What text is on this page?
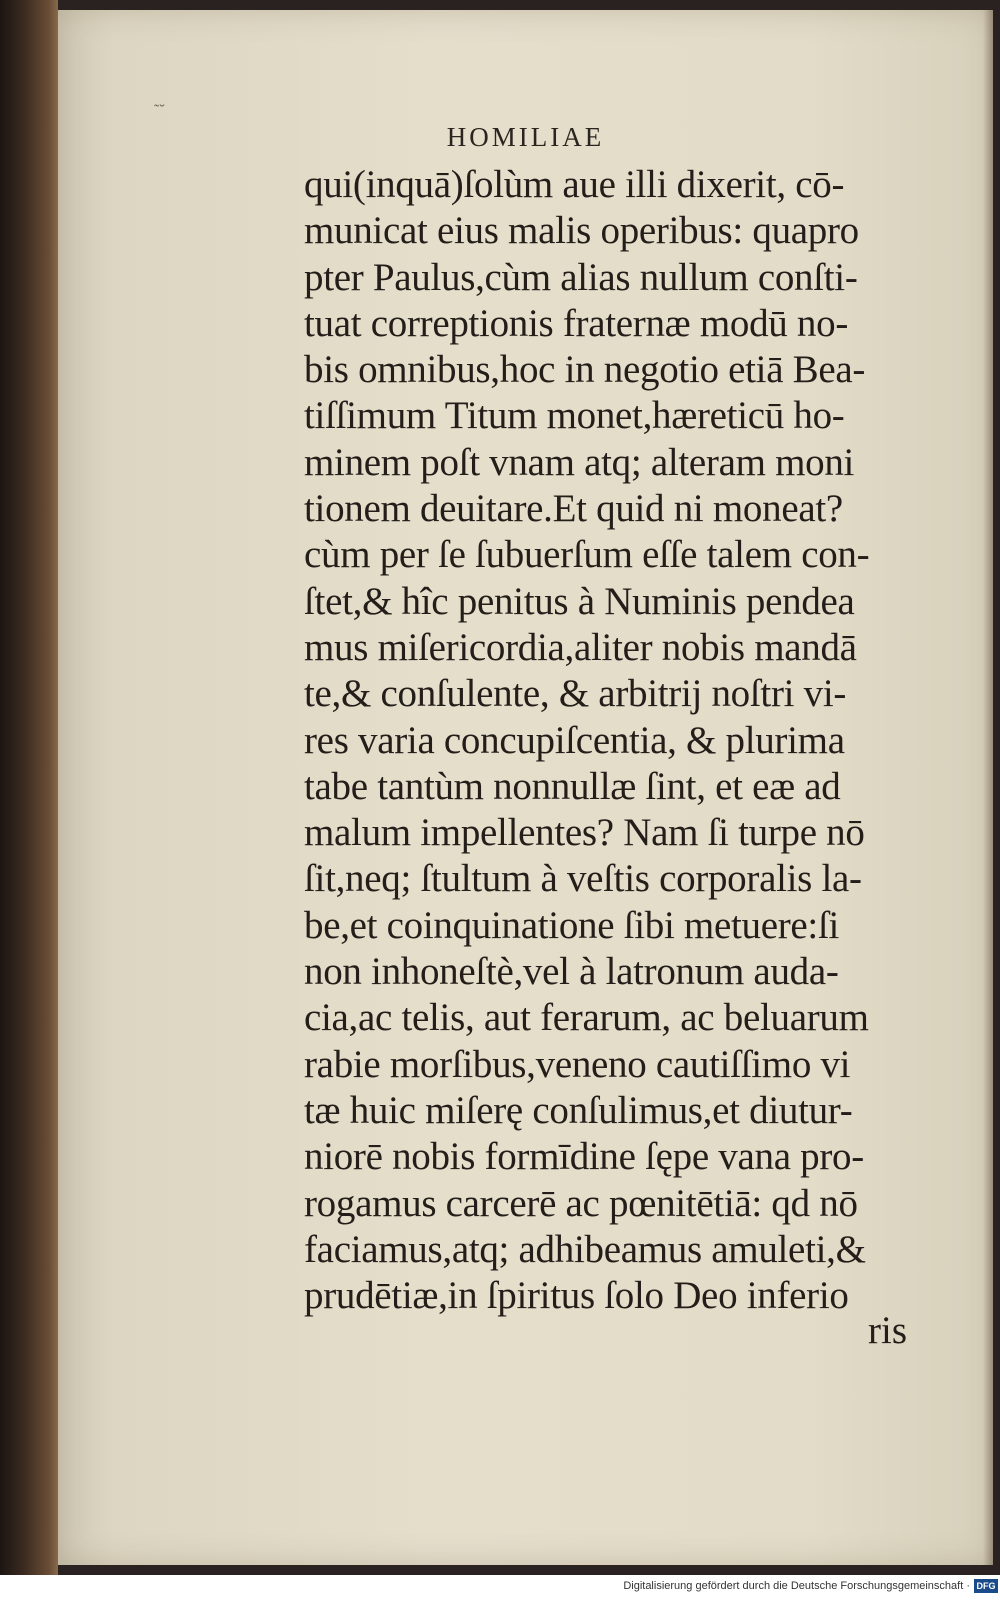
˜˘
HOMILIAE
qui(inquā)ſolùm aue illi dixerit, cō-
municat eius malis operibus: quapro
pter Paulus,cùm alias nullum conſti-
tuat correptionis fraternæ modū no-
bis omnibus,hoc in negotio etiā Bea-
tiſſimum Titum monet,hæreticū ho-
minem poſt vnam atq; alteram moni
tionem deuitare.Et quid ni moneat?
cùm per ſe ſubuerſum eſſe talem con-
ſtet,& hîc penitus à Numinis pendea
mus miſericordia,aliter nobis mandā
te,& conſulente, & arbitrij noſtri vi-
res varia concupiſcentia, & plurima
tabe tantùm nonnullæ ſint, et eæ ad
malum impellentes? Nam ſi turpe nō
ſit,neq; ſtultum à veſtis corporalis la-
be,et coinquinatione ſibi metuere:ſi
non inhoneſtè,vel à latronum auda-
cia,ac telis, aut ferarum, ac beluarum
rabie morſibus,veneno cautiſſimo vi
tæ huic miſerę conſulimus,et diutur-
niorē nobis formīdine ſępe vana pro-
rogamus carcerē ac pœnitētiā: qd nō
faciamus,atq; adhibeamus amuleti,&
prudētiæ,in ſpiritus ſolo Deo inferio
ris
Digitalisierung gefördert durch die Deutsche Forschungsgemeinschaft · DFG
